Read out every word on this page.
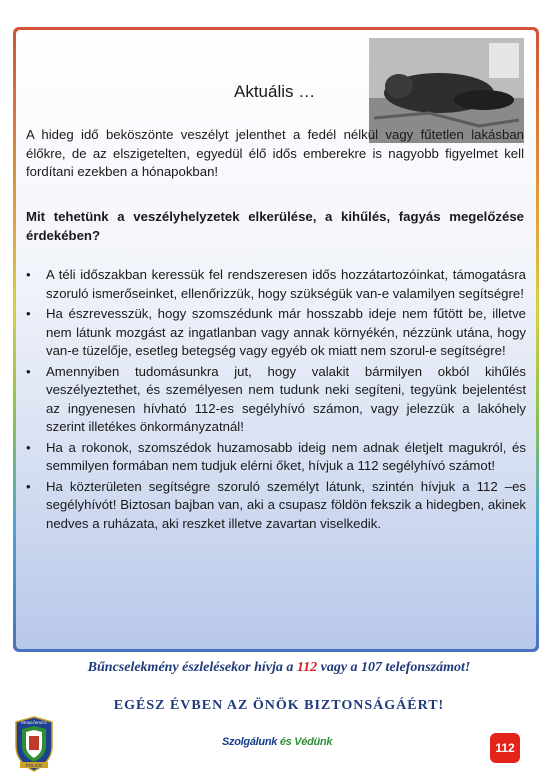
Aktuális …
A hideg idő beköszönte veszélyt jelenthet a fedél nélkül vagy fűtetlen lakásban élőkre, de az elszigetelten, egyedül élő idős emberekre is nagyobb figyelmet kell fordítani ezekben a hónapokban!
Mit tehetünk a veszélyhelyzetek elkerülése, a kihűlés, fagyás megelőzése érdekében?
• A téli időszakban keressük fel rendszeresen idős hozzátartozóinkat, támogatásra szoruló ismerőseinket, ellenőrizzük, hogy szükségük van-e valamilyen segítségre!
• Ha észrevesszük, hogy szomszédunk már hosszabb ideje nem fűtött be, illetve nem látunk mozgást az ingatlanban vagy annak környékén, nézzünk utána, hogy van-e tüzelője, esetleg betegség vagy egyéb ok miatt nem szorul-e segítségre!
• Amennyiben tudomásunkra jut, hogy valakit bármilyen okból kihűlés veszélyeztethet, és személyesen nem tudunk neki segíteni, tegyünk bejelentést az ingyenesen hívható 112-es segélyhívó számon, vagy jelezzük a lakóhely szerint illetékes önkormányzatnál!
• Ha a rokonok, szomszédok huzamosabb ideig nem adnak életjelt magukról, és semmilyen formában nem tudjuk elérni őket, hívjuk a 112 segélyhívó számot!
• Ha közterületen segítségre szoruló személyt látunk, szintén hívjuk a 112 –es segélyhívót! Biztosan bajban van, aki a csupasz földön fekszik a hidegben, akinek nedves a ruházata, aki reszket illetve zavartan viselkedik.
Bűncselekmény észlelésekor hívja a 112 vagy a 107 telefonszámot!
EGÉSZ ÉVBEN AZ ÖNÖK BIZTONSÁGÁÉRT!
RENDŐRSÉG
POLICE
Szolgálunk és Védünk	112
